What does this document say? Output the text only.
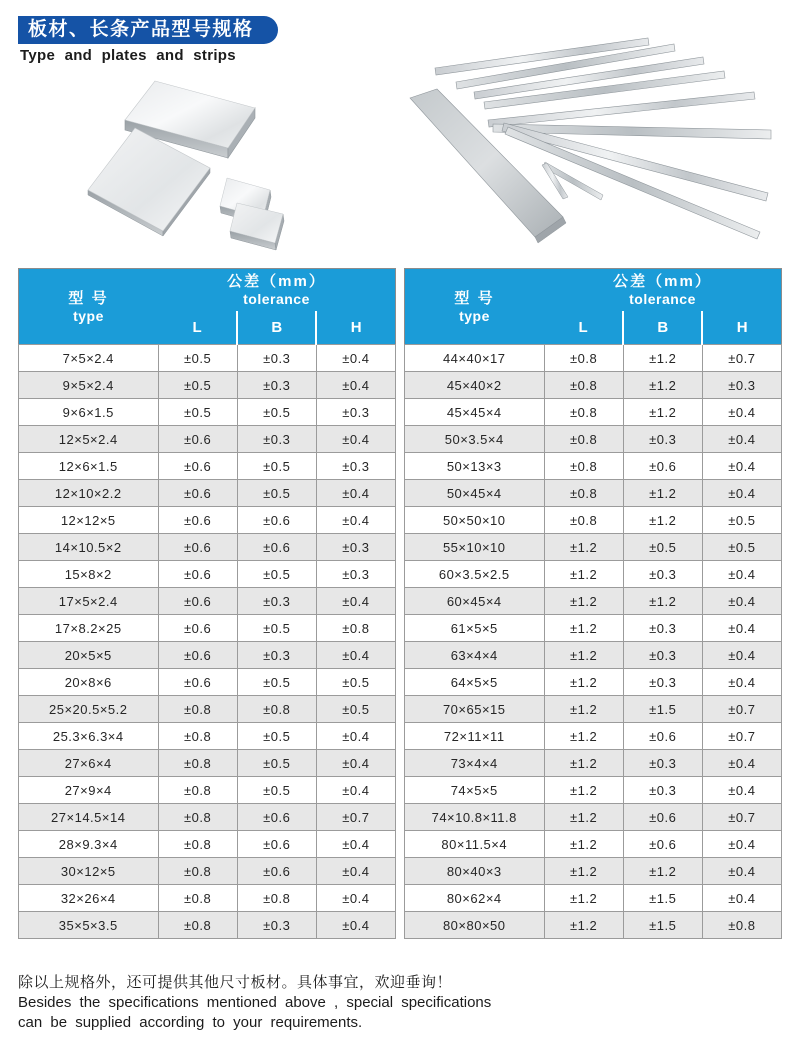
板材、长条产品型号规格
Type and plates and strips
型 号
type	公差（mm）
tolerance		

	L	B	H
7×5×2.4	±0.5	±0.3	±0.4
9×5×2.4	±0.5	±0.3	±0.4
9×6×1.5	±0.5	±0.5	±0.3
12×5×2.4	±0.6	±0.3	±0.4
12×6×1.5	±0.6	±0.5	±0.3
12×10×2.2	±0.6	±0.5	±0.4
12×12×5	±0.6	±0.6	±0.4
14×10.5×2	±0.6	±0.6	±0.3
15×8×2	±0.6	±0.5	±0.3
17×5×2.4	±0.6	±0.3	±0.4
17×8.2×25	±0.6	±0.5	±0.8
20×5×5	±0.6	±0.3	±0.4
20×8×6	±0.6	±0.5	±0.5
25×20.5×5.2	±0.8	±0.8	±0.5
25.3×6.3×4	±0.8	±0.5	±0.4
27×6×4	±0.8	±0.5	±0.4
27×9×4	±0.8	±0.5	±0.4
27×14.5×14	±0.8	±0.6	±0.7
28×9.3×4	±0.8	±0.6	±0.4
30×12×5	±0.8	±0.6	±0.4
32×26×4	±0.8	±0.8	±0.4
35×5×3.5	±0.8	±0.3	±0.4
型 号
type	公差（mm）
tolerance		

	L	B	H
44×40×17	±0.8	±1.2	±0.7
45×40×2	±0.8	±1.2	±0.3
45×45×4	±0.8	±1.2	±0.4
50×3.5×4	±0.8	±0.3	±0.4
50×13×3	±0.8	±0.6	±0.4
50×45×4	±0.8	±1.2	±0.4
50×50×10	±0.8	±1.2	±0.5
55×10×10	±1.2	±0.5	±0.5
60×3.5×2.5	±1.2	±0.3	±0.4
60×45×4	±1.2	±1.2	±0.4
61×5×5	±1.2	±0.3	±0.4
63×4×4	±1.2	±0.3	±0.4
64×5×5	±1.2	±0.3	±0.4
70×65×15	±1.2	±1.5	±0.7
72×11×11	±1.2	±0.6	±0.7
73×4×4	±1.2	±0.3	±0.4
74×5×5	±1.2	±0.3	±0.4
74×10.8×11.8	±1.2	±0.6	±0.7
80×11.5×4	±1.2	±0.6	±0.4
80×40×3	±1.2	±1.2	±0.4
80×62×4	±1.2	±1.5	±0.4
80×80×50	±1.2	±1.5	±0.8
除以上规格外，还可提供其他尺寸板材。具体事宜，欢迎垂询！
Besides the specifications mentioned above , special specifications
can be supplied according to your requirements.
